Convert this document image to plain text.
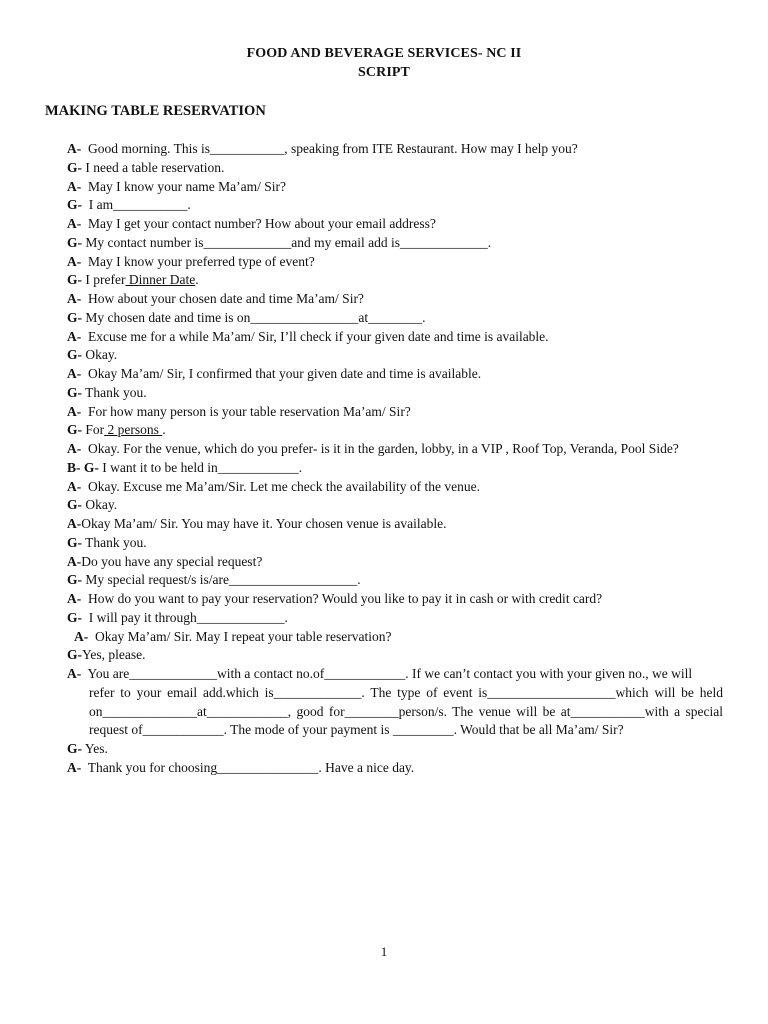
FOOD AND BEVERAGE SERVICES- NC II
SCRIPT
MAKING TABLE RESERVATION
A-  Good morning. This is___________, speaking from ITE Restaurant. How may I help you?
G- I need a table reservation.
A-  May I know your name Ma’am/ Sir?
G-  I am___________.
A-  May I get your contact number? How about your email address?
G- My contact number is_____________and my email add is_____________.
A-  May I know your preferred type of event?
G- I prefer Dinner Date.
A-  How about your chosen date and time Ma’am/ Sir?
G- My chosen date and time is on________________at________.
A-  Excuse me for a while Ma’am/ Sir, I’ll check if your given date and time is available.
G- Okay.
A-  Okay Ma’am/ Sir, I confirmed that your given date and time is available.
G- Thank you.
A-  For how many person is your table reservation Ma’am/ Sir?
G- For 2 persons .
A-  Okay. For the venue, which do you prefer- is it in the garden, lobby, in a VIP , Roof Top, Veranda, Pool Side?
B- G- I want it to be held in____________.
A-  Okay. Excuse me Ma’am/Sir. Let me check the availability of the venue.
G- Okay.
A-Okay Ma’am/ Sir. You may have it. Your chosen venue is available.
G- Thank you.
A-Do you have any special request?
G- My special request/s is/are___________________.
A-  How do you want to pay your reservation? Would you like to pay it in cash or with credit card?
G-  I will pay it through_____________.
A-  Okay Ma’am/ Sir. May I repeat your table reservation?
G-Yes, please.
A-  You are_____________with a contact no.of____________. If we can’t contact you with your given no., we will
refer to your email add.which is_____________. The type of event is___________________which will be held on______________at____________, good for________person/s. The venue will be at___________with a special request of____________. The mode of your payment is _________. Would that be all Ma’am/ Sir?
G- Yes.
A-  Thank you for choosing_______________. Have a nice day.
1
